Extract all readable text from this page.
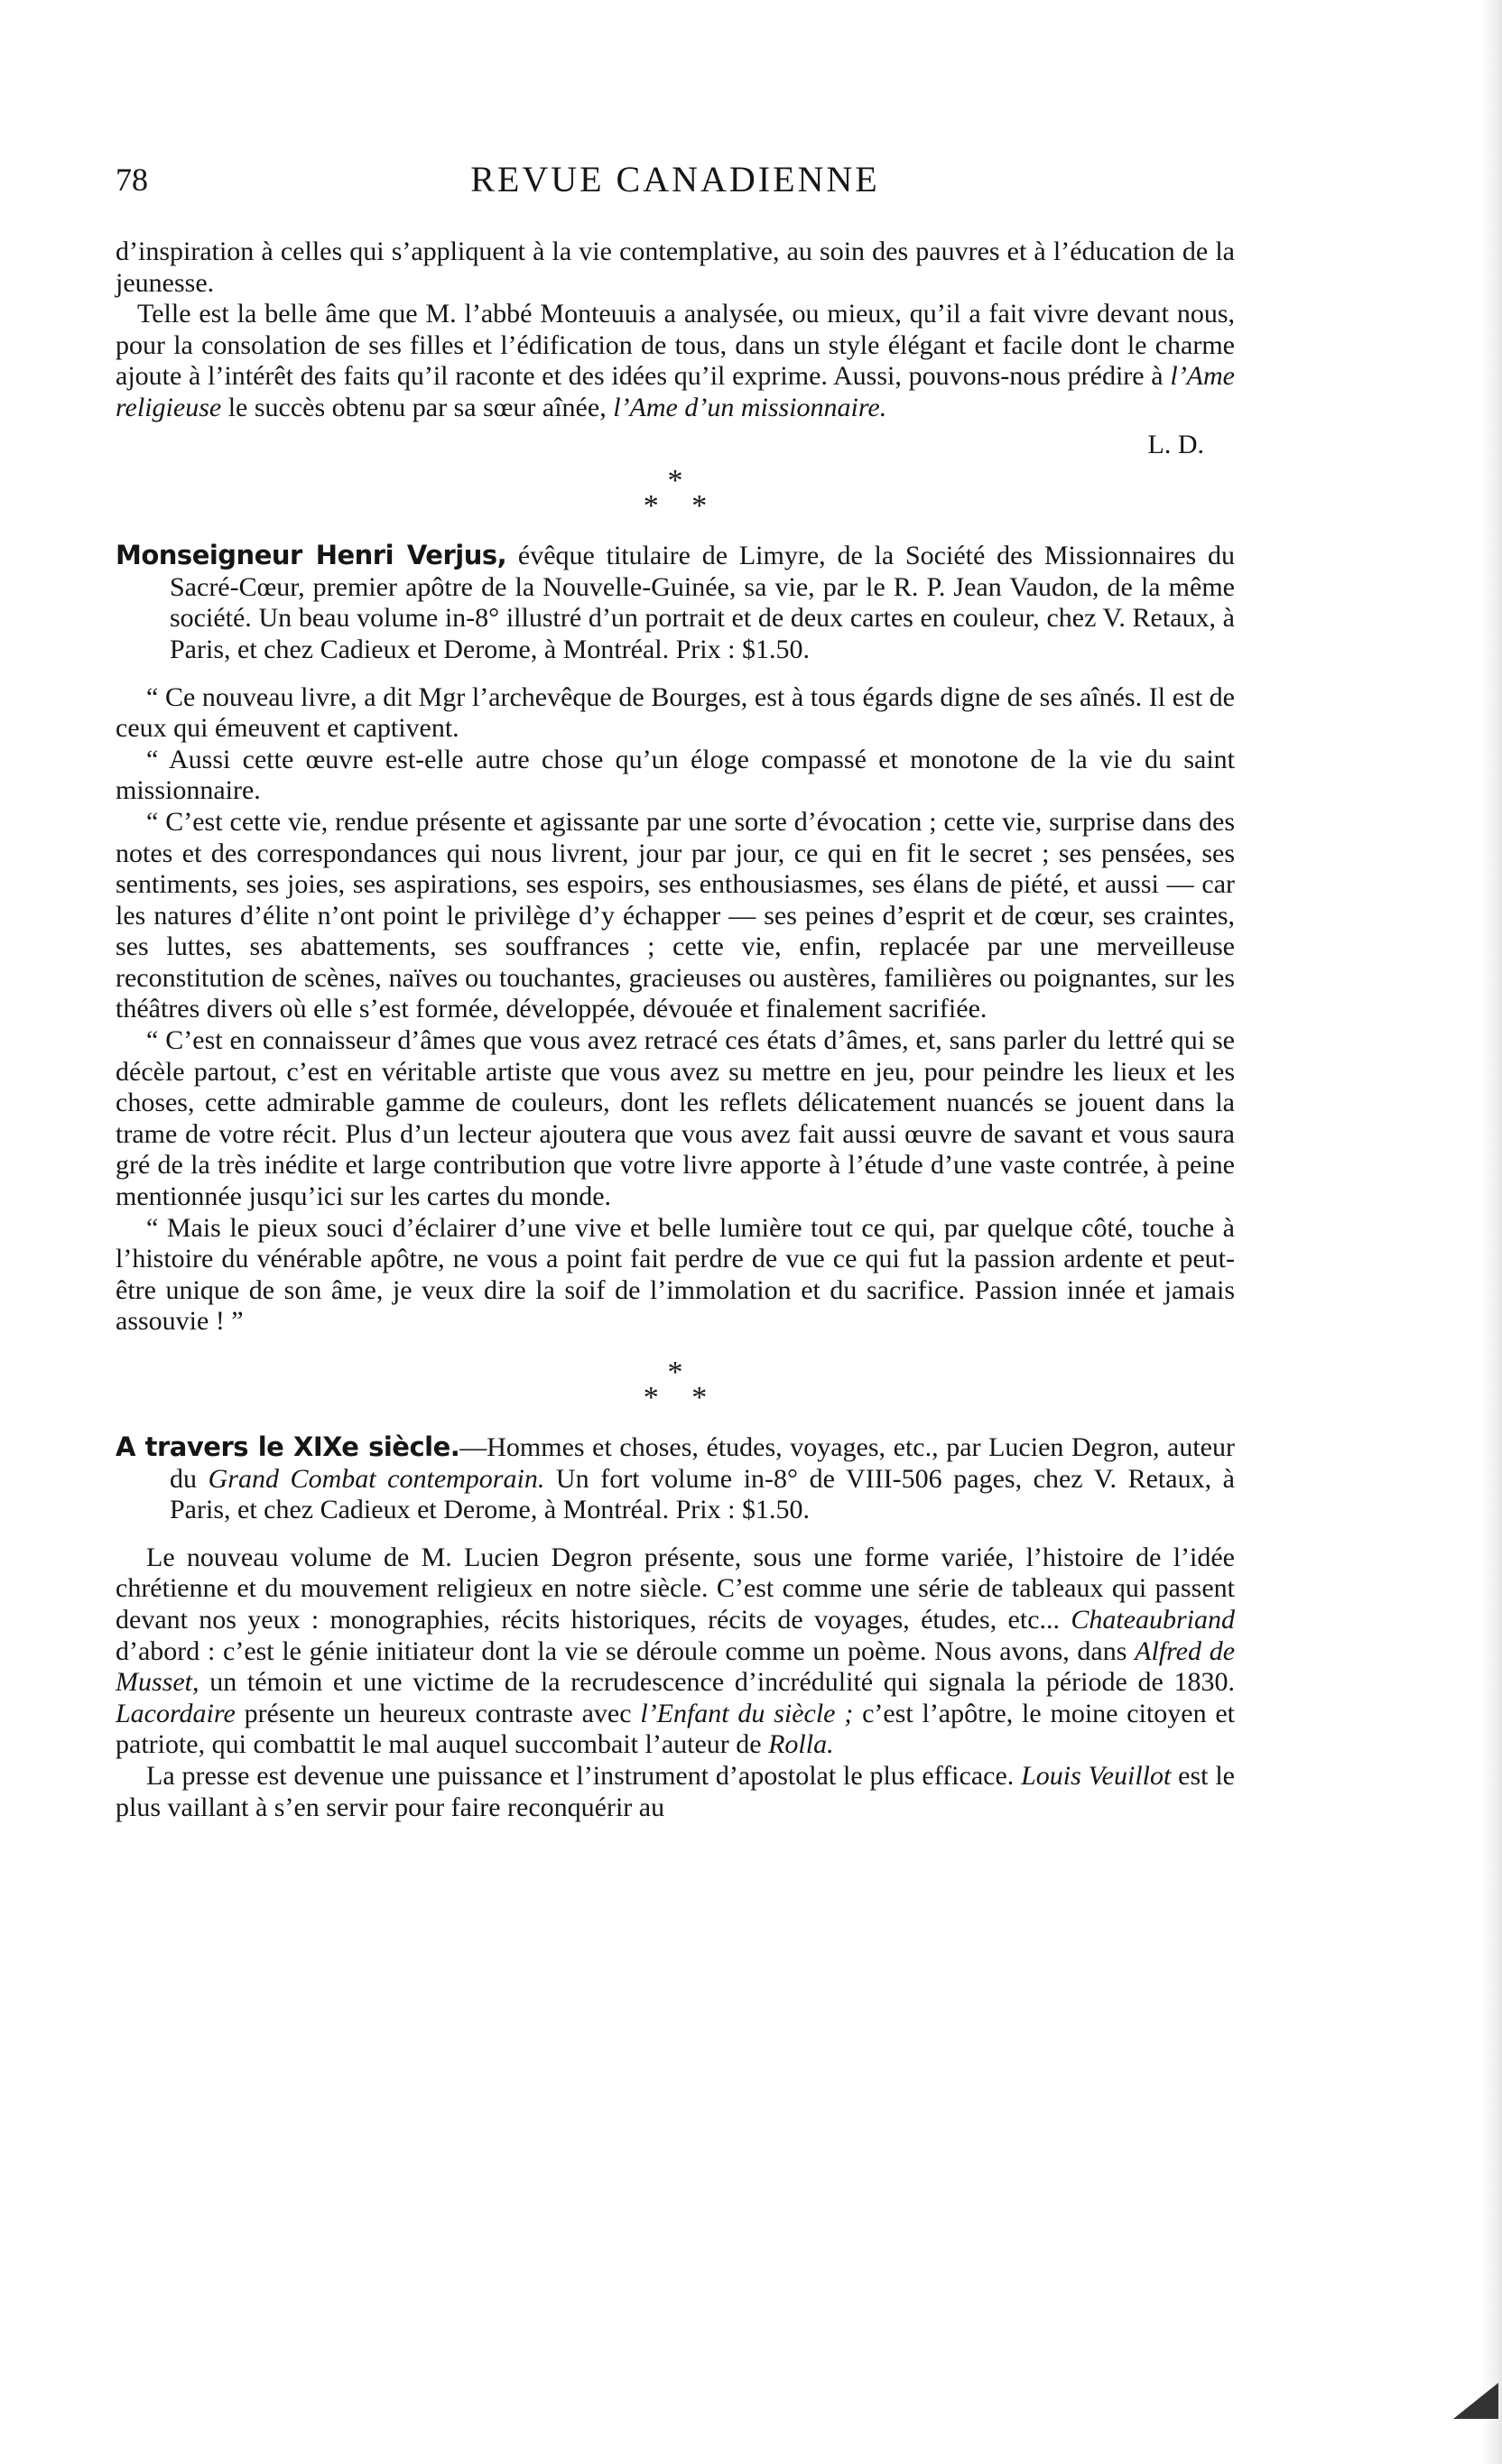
78	REVUE CANADIENNE

d’inspiration à celles qui s’appliquent à la vie contemplative, au soin des pauvres et à l’éducation de la jeunesse.

Telle est la belle âme que M. l’abbé Monteuuis a analysée, ou mieux, qu’il a fait vivre devant nous, pour la consolation de ses filles et l’édification de tous, dans un style élégant et facile dont le charme ajoute à l’intérêt des faits qu’il raconte et des idées qu’il exprime. Aussi, pouvons-nous prédire à l’Ame religieuse le succès obtenu par sa sœur aînée, l’Ame d’un missionnaire.

L. D.

*
* *

Monseigneur Henri Verjus, évêque titulaire de Limyre, de la Société des Missionnaires du Sacré-Cœur, premier apôtre de la Nouvelle-Guinée, sa vie, par le R. P. Jean Vaudon, de la même société. Un beau volume in-8° illustré d’un portrait et de deux cartes en couleur, chez V. Retaux, à Paris, et chez Cadieux et Derome, à Montréal. Prix : $1.50.

“ Ce nouveau livre, a dit Mgr l’archevêque de Bourges, est à tous égards digne de ses aînés. Il est de ceux qui émeuvent et captivent.

“ Aussi cette œuvre est-elle autre chose qu’un éloge compassé et monotone de la vie du saint missionnaire.

“ C’est cette vie, rendue présente et agissante par une sorte d’évocation ; cette vie, surprise dans des notes et des correspondances qui nous livrent, jour par jour, ce qui en fit le secret ; ses pensées, ses sentiments, ses joies, ses aspirations, ses espoirs, ses enthousiasmes, ses élans de piété, et aussi — car les natures d’élite n’ont point le privilège d’y échapper — ses peines d’esprit et de cœur, ses craintes, ses luttes, ses abattements, ses souffrances ; cette vie, enfin, replacée par une merveilleuse reconstitution de scènes, naïves ou touchantes, gracieuses ou austères, familières ou poignantes, sur les théâtres divers où elle s’est formée, développée, dévouée et finalement sacrifiée.

“ C’est en connaisseur d’âmes que vous avez retracé ces états d’âmes, et, sans parler du lettré qui se décèle partout, c’est en véritable artiste que vous avez su mettre en jeu, pour peindre les lieux et les choses, cette admirable gamme de couleurs, dont les reflets délicatement nuancés se jouent dans la trame de votre récit. Plus d’un lecteur ajoutera que vous avez fait aussi œuvre de savant et vous saura gré de la très inédite et large contribution que votre livre apporte à l’étude d’une vaste contrée, à peine mentionnée jusqu’ici sur les cartes du monde.

“ Mais le pieux souci d’éclairer d’une vive et belle lumière tout ce qui, par quelque côté, touche à l’histoire du vénérable apôtre, ne vous a point fait perdre de vue ce qui fut la passion ardente et peut-être unique de son âme, je veux dire la soif de l’immolation et du sacrifice. Passion innée et jamais assouvie ! ”

*
* *

A travers le XIXe siècle.—Hommes et choses, études, voyages, etc., par Lucien Degron, auteur du Grand Combat contemporain. Un fort volume in-8° de VIII-506 pages, chez V. Retaux, à Paris, et chez Cadieux et Derome, à Montréal. Prix : $1.50.

Le nouveau volume de M. Lucien Degron présente, sous une forme variée, l’histoire de l’idée chrétienne et du mouvement religieux en notre siècle. C’est comme une série de tableaux qui passent devant nos yeux : monographies, récits historiques, récits de voyages, études, etc... Chateaubriand d’abord : c’est le génie initiateur dont la vie se déroule comme un poème. Nous avons, dans Alfred de Musset, un témoin et une victime de la recrudescence d’incrédulité qui signala la période de 1830. Lacordaire présente un heureux contraste avec l’Enfant du siècle ; c’est l’apôtre, le moine citoyen et patriote, qui combattit le mal auquel succombait l’auteur de Rolla.

La presse est devenue une puissance et l’instrument d’apostolat le plus efficace. Louis Veuillot est le plus vaillant à s’en servir pour faire reconquérir au
